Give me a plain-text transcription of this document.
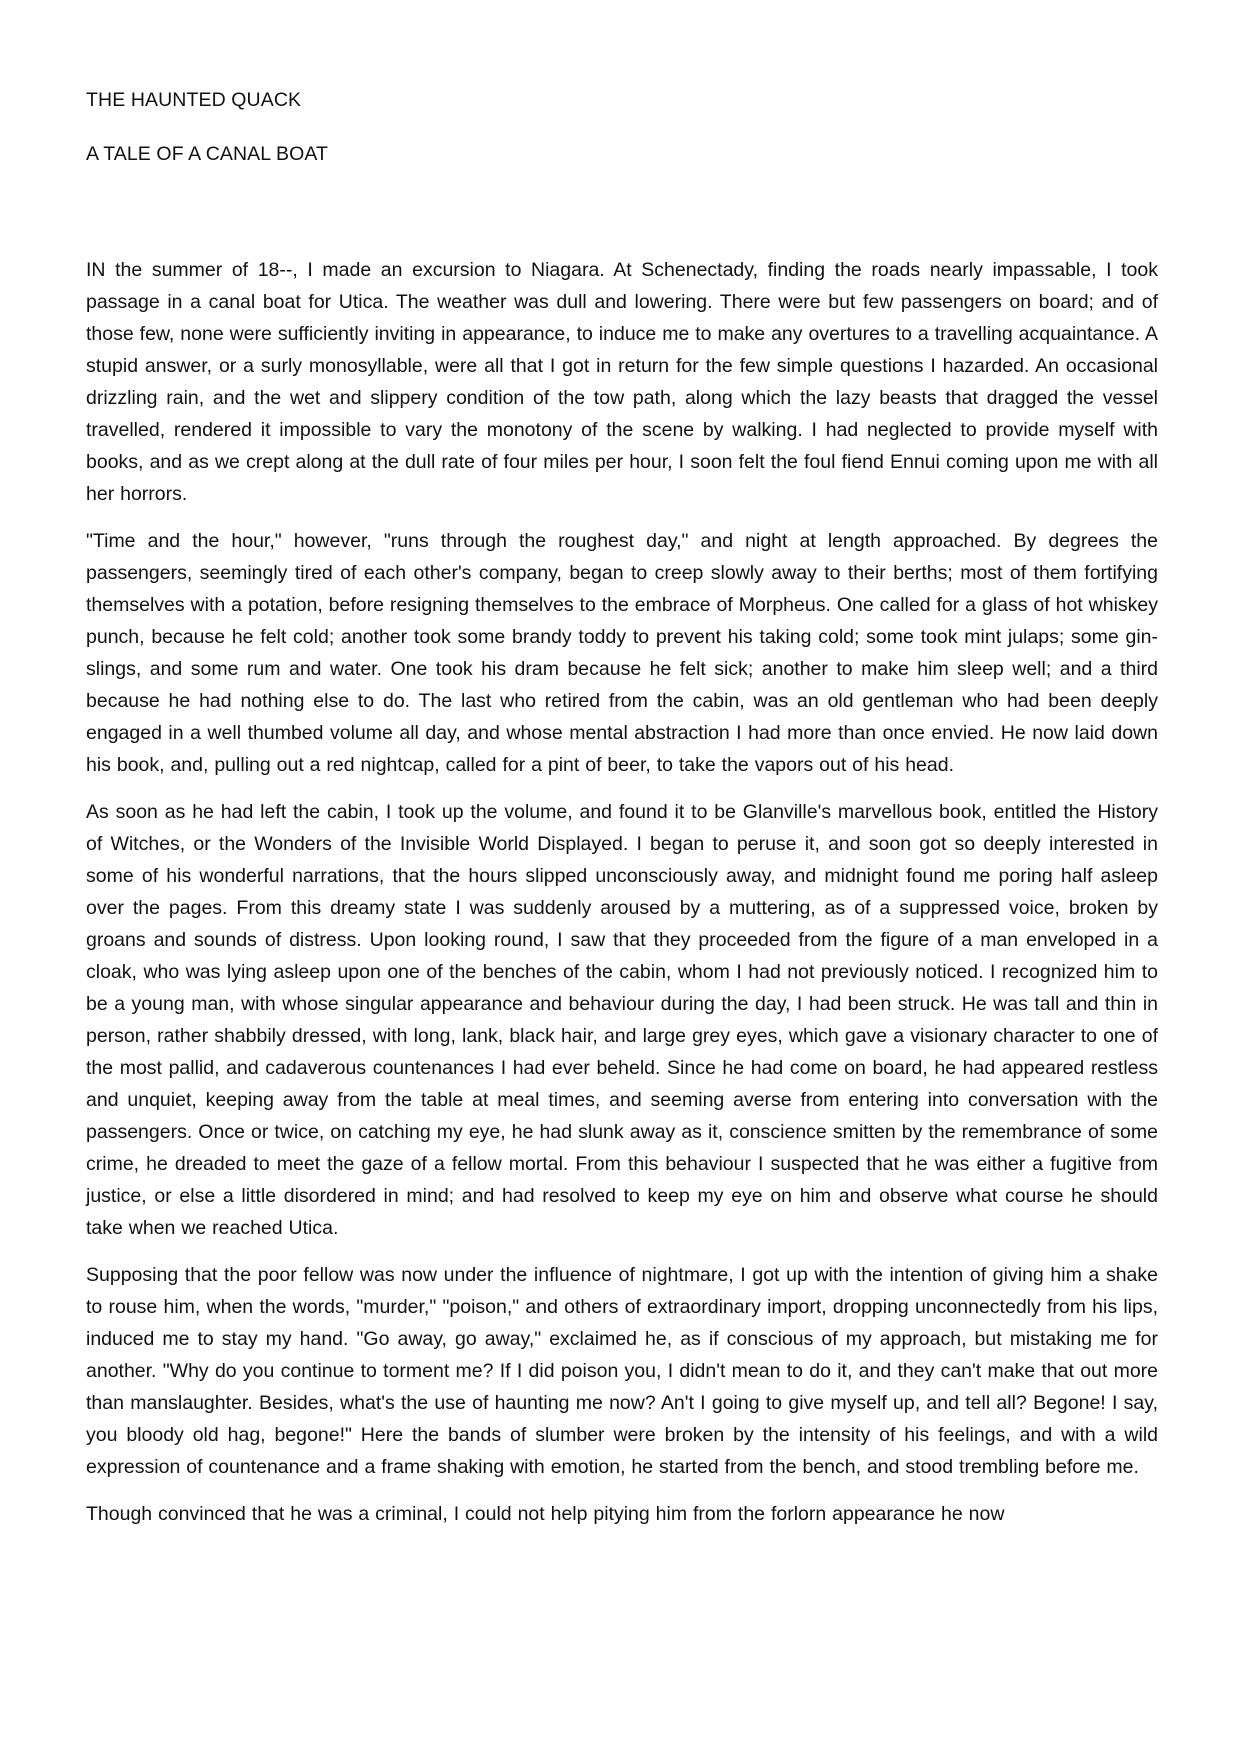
THE HAUNTED QUACK

A TALE OF A CANAL BOAT

IN the summer of 18--, I made an excursion to Niagara. At Schenectady, finding the roads nearly impassable, I took passage in a canal boat for Utica. The weather was dull and lowering. There were but few passengers on board; and of those few, none were sufficiently inviting in appearance, to induce me to make any overtures to a travelling acquaintance. A stupid answer, or a surly monosyllable, were all that I got in return for the few simple questions I hazarded. An occasional drizzling rain, and the wet and slippery condition of the tow path, along which the lazy beasts that dragged the vessel travelled, rendered it impossible to vary the monotony of the scene by walking. I had neglected to provide myself with books, and as we crept along at the dull rate of four miles per hour, I soon felt the foul fiend Ennui coming upon me with all her horrors.

"Time and the hour," however, "runs through the roughest day," and night at length approached. By degrees the passengers, seemingly tired of each other's company, began to creep slowly away to their berths; most of them fortifying themselves with a potation, before resigning themselves to the embrace of Morpheus. One called for a glass of hot whiskey punch, because he felt cold; another took some brandy toddy to prevent his taking cold; some took mint julaps; some gin-slings, and some rum and water. One took his dram because he felt sick; another to make him sleep well; and a third because he had nothing else to do. The last who retired from the cabin, was an old gentleman who had been deeply engaged in a well thumbed volume all day, and whose mental abstraction I had more than once envied. He now laid down his book, and, pulling out a red nightcap, called for a pint of beer, to take the vapors out of his head.

As soon as he had left the cabin, I took up the volume, and found it to be Glanville's marvellous book, entitled the History of Witches, or the Wonders of the Invisible World Displayed. I began to peruse it, and soon got so deeply interested in some of his wonderful narrations, that the hours slipped unconsciously away, and midnight found me poring half asleep over the pages. From this dreamy state I was suddenly aroused by a muttering, as of a suppressed voice, broken by groans and sounds of distress. Upon looking round, I saw that they proceeded from the figure of a man enveloped in a cloak, who was lying asleep upon one of the benches of the cabin, whom I had not previously noticed. I recognized him to be a young man, with whose singular appearance and behaviour during the day, I had been struck. He was tall and thin in person, rather shabbily dressed, with long, lank, black hair, and large grey eyes, which gave a visionary character to one of the most pallid, and cadaverous countenances I had ever beheld. Since he had come on board, he had appeared restless and unquiet, keeping away from the table at meal times, and seeming averse from entering into conversation with the passengers. Once or twice, on catching my eye, he had slunk away as it, conscience smitten by the remembrance of some crime, he dreaded to meet the gaze of a fellow mortal. From this behaviour I suspected that he was either a fugitive from justice, or else a little disordered in mind; and had resolved to keep my eye on him and observe what course he should take when we reached Utica.

Supposing that the poor fellow was now under the influence of nightmare, I got up with the intention of giving him a shake to rouse him, when the words, "murder," "poison," and others of extraordinary import, dropping unconnectedly from his lips, induced me to stay my hand. "Go away, go away," exclaimed he, as if conscious of my approach, but mistaking me for another. "Why do you continue to torment me? If I did poison you, I didn't mean to do it, and they can't make that out more than manslaughter. Besides, what's the use of haunting me now? An't I going to give myself up, and tell all? Begone! I say, you bloody old hag, begone!" Here the bands of slumber were broken by the intensity of his feelings, and with a wild expression of countenance and a frame shaking with emotion, he started from the bench, and stood trembling before me.

Though convinced that he was a criminal, I could not help pitying him from the forlorn appearance he now
